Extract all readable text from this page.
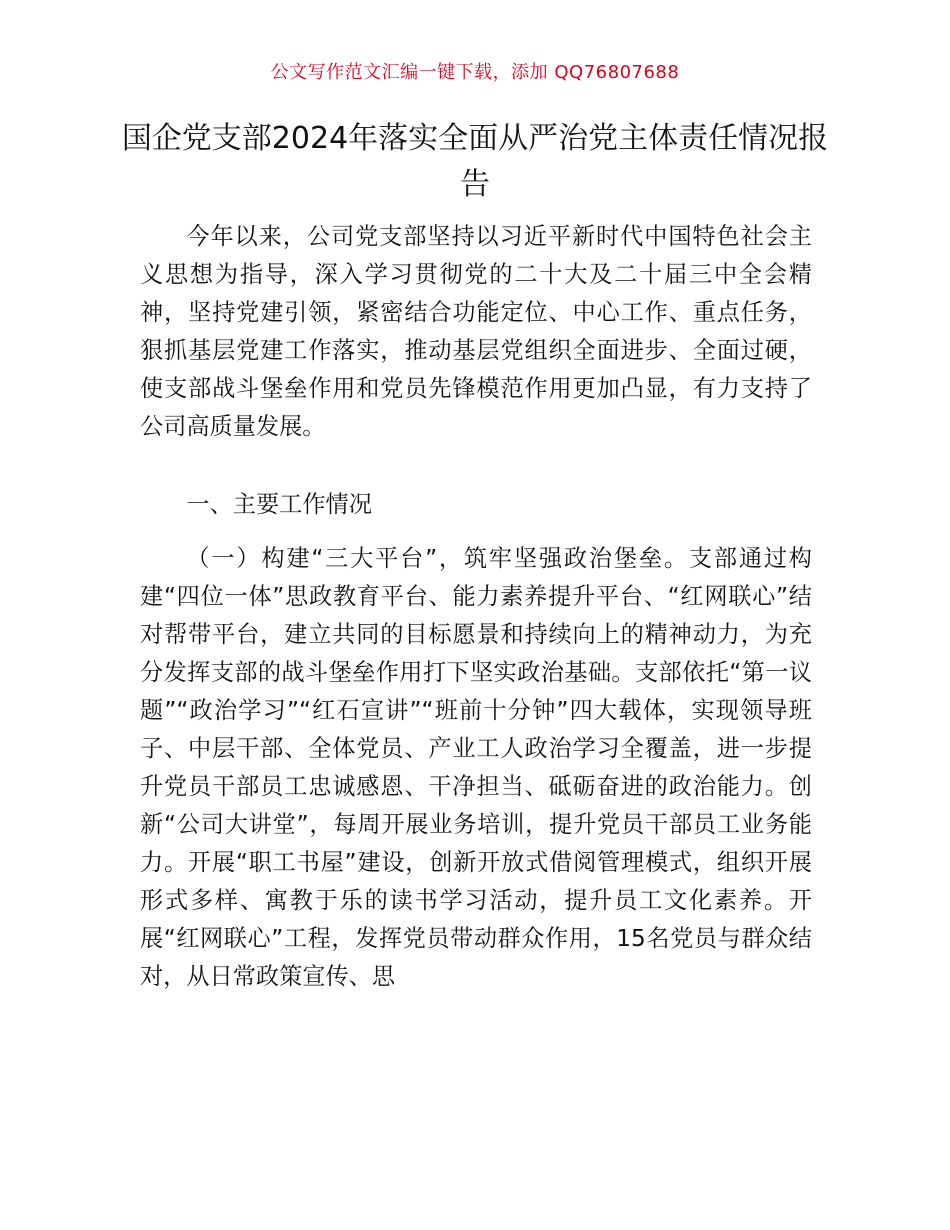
公文写作范文汇编一键下载，添加 QQ76807688
国企党支部2024年落实全面从严治党主体责任情况报告

今年以来，公司党支部坚持以习近平新时代中国特色社会主义思想为指导，深入学习贯彻党的二十大及二十届三中全会精神，坚持党建引领，紧密结合功能定位、中心工作、重点任务，狠抓基层党建工作落实，推动基层党组织全面进步、全面过硬，使支部战斗堡垒作用和党员先锋模范作用更加凸显，有力支持了公司高质量发展。

一、主要工作情况

（一）构建“三大平台”，筑牢坚强政治堡垒。支部通过构建“四位一体”思政教育平台、能力素养提升平台、“红网联心”结对帮带平台，建立共同的目标愿景和持续向上的精神动力，为充分发挥支部的战斗堡垒作用打下坚实政治基础。支部依托“第一议题”“政治学习”“红石宣讲”“班前十分钟”四大载体，实现领导班子、中层干部、全体党员、产业工人政治学习全覆盖，进一步提升党员干部员工忠诚感恩、干净担当、砥砺奋进的政治能力。创新“公司大讲堂”，每周开展业务培训，提升党员干部员工业务能力。开展“职工书屋”建设，创新开放式借阅管理模式，组织开展形式多样、寓教于乐的读书学习活动，提升员工文化素养。开展“红网联心”工程，发挥党员带动群众作用，15名党员与群众结对，从日常政策宣传、思
